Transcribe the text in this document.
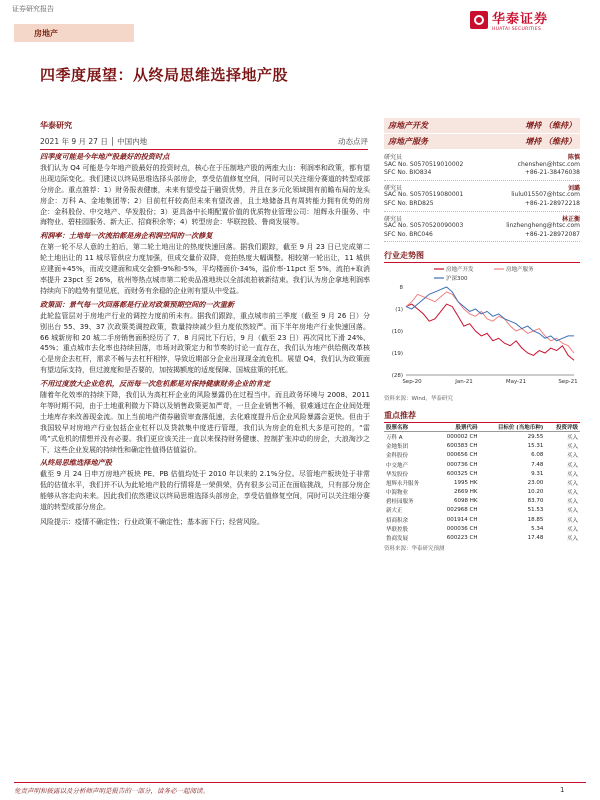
证券研究报告
华泰证券
HUATAI SECURITIES
房地产
四季度展望：从终局思维选择地产股
华泰研究
2021 年 9 月 27 日 │ 中国内地	动态点评
四季度可能是今年地产股最好的投资时点

我们认为 Q4 可能是今年地产股最好的投资时点，核心在于压制地产股的两座大山：利润率和政策，都有望出现边际变化。我们建议以终局思维选择头部房企，享受估值修复空间，同时可以关注细分赛道的转型或部分房企。重点推荐：1）财务报表健康，未来有望受益于融资优势，并且在多元化领域拥有前瞻布局的龙头房企：万科 A、金地集团等；2）目前杠杆较高但未来有望改善，且土地储备具有周转能力拥有优势的房企：金科股份、中交地产、华发股份；3）更具备中长期配置价值的优质物业管理公司：旭辉永升服务、中海物业、碧桂园服务、新大正、招商积余等；4）转型房企：华联控股、鲁商发展等。

利润率：土地每一次流拍都是房企利润空间的一次修复

在第一轮不尽人意的土拍后，第二轮土地出让的热度快速回落。据我们跟踪，截至 9 月 23 日已完成第二轮土地出让的 11 城尽管供应力度加强，但成交量价双降，竞拍热度大幅调整。相较第一轮出让，11 城供应建面+45%，而成交建面和成交金额-9%和-5%，平均楼面价-34%，溢价率-11pct 至 5%，流拍+取消率提升 23pct 至 26%，杭州等热点城市第二轮卖品准地块以全部流拍被新结束。我们认为房企拿地利润率持续向下的趋势有望见底，而财务有余稳的企业则有望从中受益。

政策面：景气每一次回落都是行业对政策预期空间的一次重新

此轮监管层对于房地产行业的调控力度前所未有。据我们跟踪，重点城市前三季度（截至 9 月 26 日）分别出台 55、39、37 次政策类调控政策，数量持续减少但力度依然较严。而下半年房地产行业快速回落。66 城新房和 20 城二手房销售面积经历了 7、8 月同比下行后，9 月（截至 23 日）再次同比下滑 24%、45%；重点城市去化率也持续回落，市场对政策定力和节奏的讨论一直存在，我们认为地产供给侧改革核心是房企去杠杆，需求不畅与去杠杆相悖，导致近期部分企业出现现金流危机。展望 Q4，我们认为政策面有望边际支持，但过渡度和是否要的，加按揭额度的适度保障、国城兹策的托底。

不用过度放大企业危机，反而每一次危机都是对保持健康财务企业的肯定

随着年化效率的持续下降，我们认为高杠杆企业的风险暴露仍在过程当中。而且政务环境与 2008、2011 年等时期不同，由于土地重利微力下降以及销售政策更加严苛，一旦企业销售不畅，很难通过在企业间处理土地库存来改善现金流。加上当前地产债券融资审查落低速，去化难度提升后企业风险暴露会更快。但由于我国较早对房地产行业包括企业杠杆以及贷款集中度进行管理，我们认为房企的危机大多是可控的，“雷鸣”式危机的情想并没有必要。我们更应该关注一直以来保持财务健康、控制扩张冲动的房企，大浪淘沙之下，这些企业发展的持续性和确定性值得估值溢价。

从终局思维选择地产股

截至 9 月 24 日申万房地产板块 PE、PB 估值均处于 2010 年以来的 2.1%分位。尽管地产板块处于非常低的估值水平，我们并不认为此轮地产股的行情将是一荣俱荣，仍有很多公司正在面临挑战，只有部分房企能够从容走向未来。因此我们依然建议以终局思维选择头部房企，享受估值修复空间，同时可以关注细分赛道的转型或部分房企。

风险提示：疫情不确定性；行业政策不确定性；基本面下行；经营风险。
房地产开发	增持 （维持）
房地产服务	增持 （维持）
研究员	陈慎
SAC No. S0570519010002	chenshen@htsc.com
SFC No. BIO834	+86-21-38476038
研究员	刘璐
SAC No. S0570519080001	liulu015507@htsc.com
SFC No. BRD825	+86-21-28972218
研究员	林正衡
SAC No. S0570520090003	linzhengheng@htsc.com
SFC No. BRC046	+86-21-28972087
行业走势图
(28)
(19)
(10)
(1)
8
Sep-20	Jan-21	May-21	Sep-21
房地产开发	房地产服务
沪深300
资料来源：Wind，华泰研究
重点推荐
股票名称	股票代码	目标价 (当地币种)	投资评级
万科 A	000002 CH	29.55	买入
金地集团	600383 CH	15.31	买入
金科股份	000656 CH	6.08	买入
中交地产	000736 CH	7.48	买入
华发股份	600325 CH	9.31	买入
旭辉永升服务	1995 HK	23.00	买入
中海物业	2669 HK	10.20	买入
碧桂园服务	6098 HK	83.70	买入
新大正	002968 CH	51.53	买入
招商积余	001914 CH	18.85	买入
华联控股	000036 CH	5.34	买入
鲁商发展	600223 CH	17.48	买入
资料来源：华泰研究预测
免责声明和披露以及分析师声明是报告的一部分，请务必一起阅读。	1
